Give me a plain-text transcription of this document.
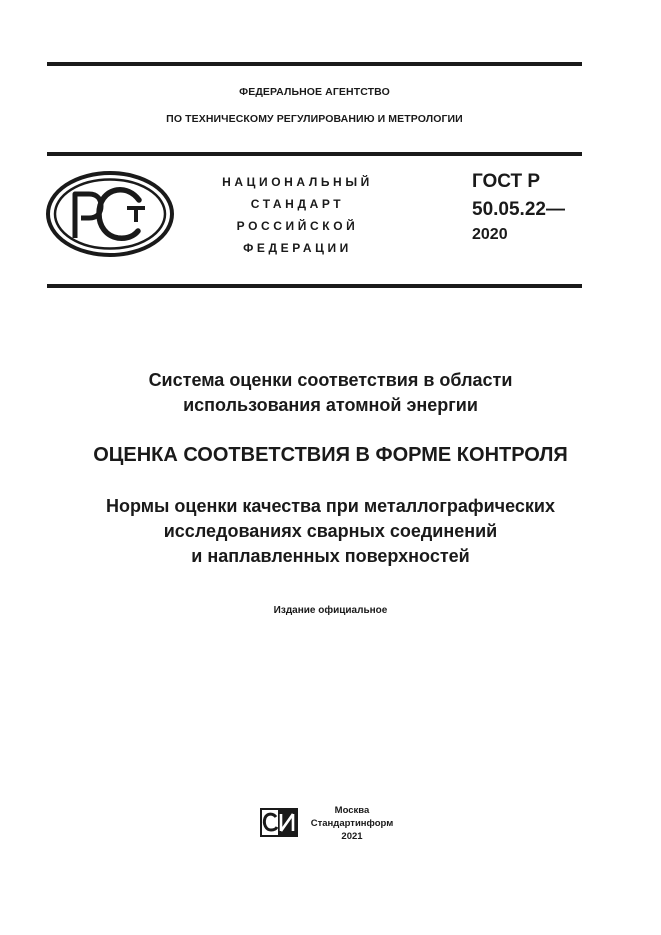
ФЕДЕРАЛЬНОЕ АГЕНТСТВО
ПО ТЕХНИЧЕСКОМУ РЕГУЛИРОВАНИЮ И МЕТРОЛОГИИ
НАЦИОНАЛЬНЫЙ
СТАНДАРТ
РОССИЙСКОЙ
ФЕДЕРАЦИИ
ГОСТ Р
50.05.22—
2020
Система оценки соответствия в области
использования атомной энергии
ОЦЕНКА СООТВЕТСТВИЯ В ФОРМЕ КОНТРОЛЯ
Нормы оценки качества при металлографических
исследованиях сварных соединений
и наплавленных поверхностей
Издание официальное
Москва
Стандартинформ
2021
